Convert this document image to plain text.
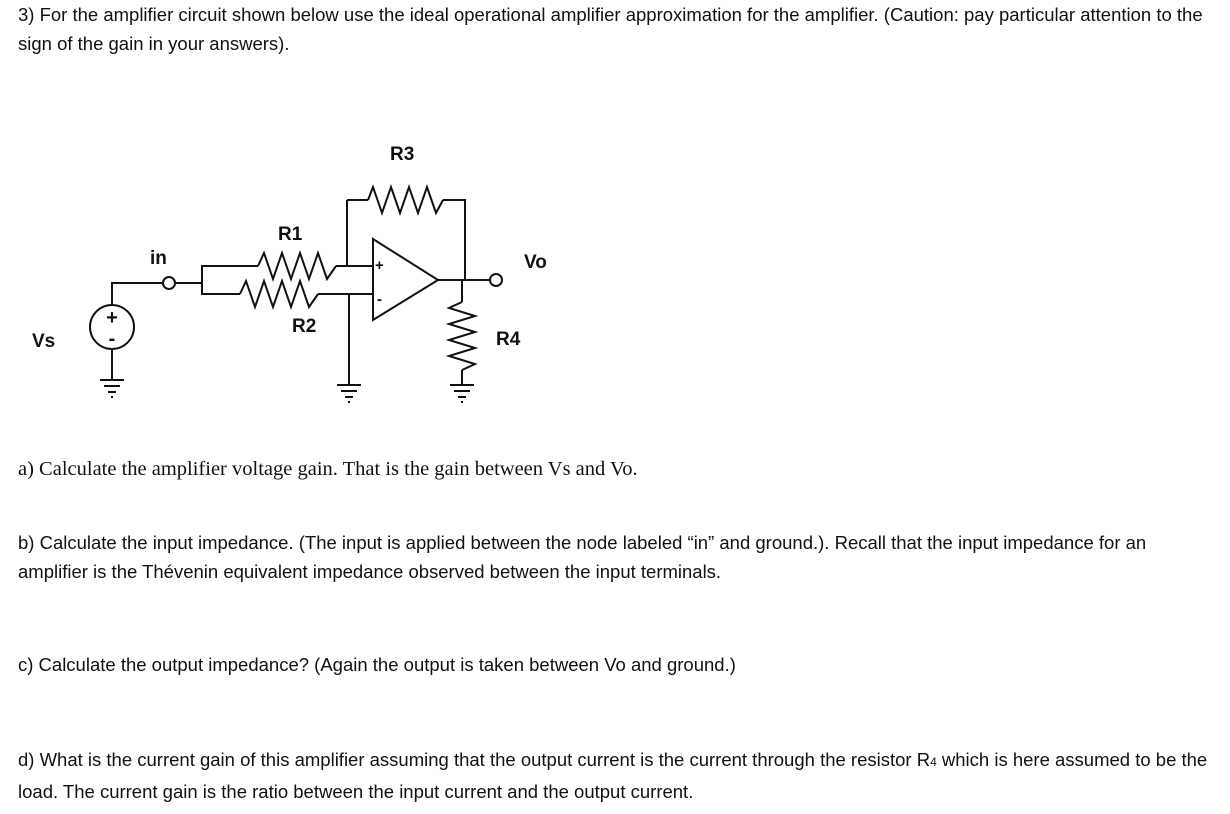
3) For the amplifier circuit shown below use the ideal operational amplifier approximation for the amplifier. (Caution: pay particular attention to the sign of the gain in your answers).

+
-
Vs
in
R1
R2
R3
+
-
Vo
R4

a) Calculate the amplifier voltage gain. That is the gain between Vs and Vo.

b) Calculate the input impedance. (The input is applied between the node labeled “in” and ground.). Recall that the input impedance for an amplifier is the Thévenin equivalent impedance observed between the input terminals.

c) Calculate the output impedance? (Again the output is taken between Vo and ground.)

d) What is the current gain of this amplifier assuming that the output current is the current through the resistor R4 which is here assumed to be the load. The current gain is the ratio between the input current and the output current.
